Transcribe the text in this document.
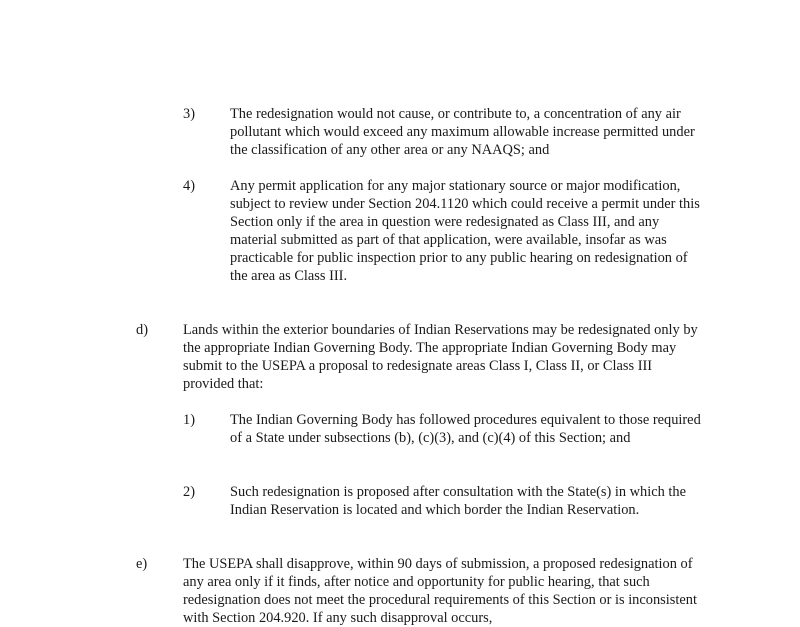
3) The redesignation would not cause, or contribute to, a concentration of any air pollutant which would exceed any maximum allowable increase permitted under the classification of any other area or any NAAQS; and
4) Any permit application for any major stationary source or major modification, subject to review under Section 204.1120 which could receive a permit under this Section only if the area in question were redesignated as Class III, and any material submitted as part of that application, were available, insofar as was practicable for public inspection prior to any public hearing on redesignation of the area as Class III.
d) Lands within the exterior boundaries of Indian Reservations may be redesignated only by the appropriate Indian Governing Body. The appropriate Indian Governing Body may submit to the USEPA a proposal to redesignate areas Class I, Class II, or Class III provided that:
1) The Indian Governing Body has followed procedures equivalent to those required of a State under subsections (b), (c)(3), and (c)(4) of this Section; and
2) Such redesignation is proposed after consultation with the State(s) in which the Indian Reservation is located and which border the Indian Reservation.
e) The USEPA shall disapprove, within 90 days of submission, a proposed redesignation of any area only if it finds, after notice and opportunity for public hearing, that such redesignation does not meet the procedural requirements of this Section or is inconsistent with Section 204.920. If any such disapproval occurs,
